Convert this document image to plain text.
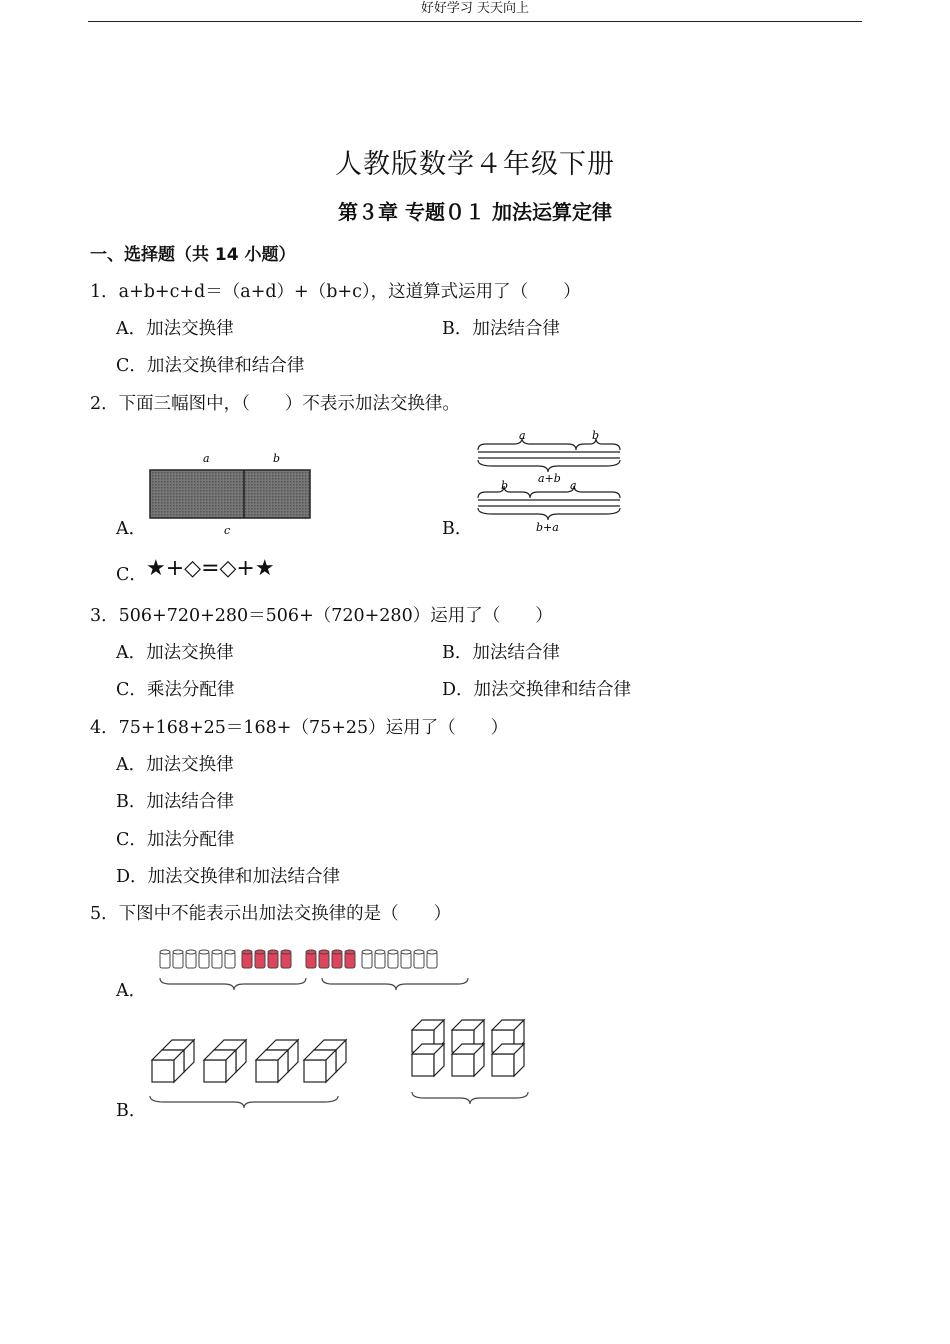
好好学习 天天向上
人教版数学４年级下册
第３章 专题０１ 加法运算定律
一、选择题（共 14 小题）
1．a+b+c+d＝（a+d）+（b+c），这道算式运用了（　　）
A．加法交换律	B．加法结合律
C．加法交换律和结合律
2．下面三幅图中，（　　）不表示加法交换律。
a	b
c
A．
a	b
a+b
b	a
b+a
B．
C． ★+◇=◇+★
3．506+720+280＝506+（720+280）运用了（　　）
A．加法交换律	B．加法结合律
C．乘法分配律	D．加法交换律和结合律
4．75+168+25＝168+（75+25）运用了（　　）
A．加法交换律
B．加法结合律
C．加法分配律
D．加法交换律和加法结合律
5．下图中不能表示出加法交换律的是（　　）
A．
B．
